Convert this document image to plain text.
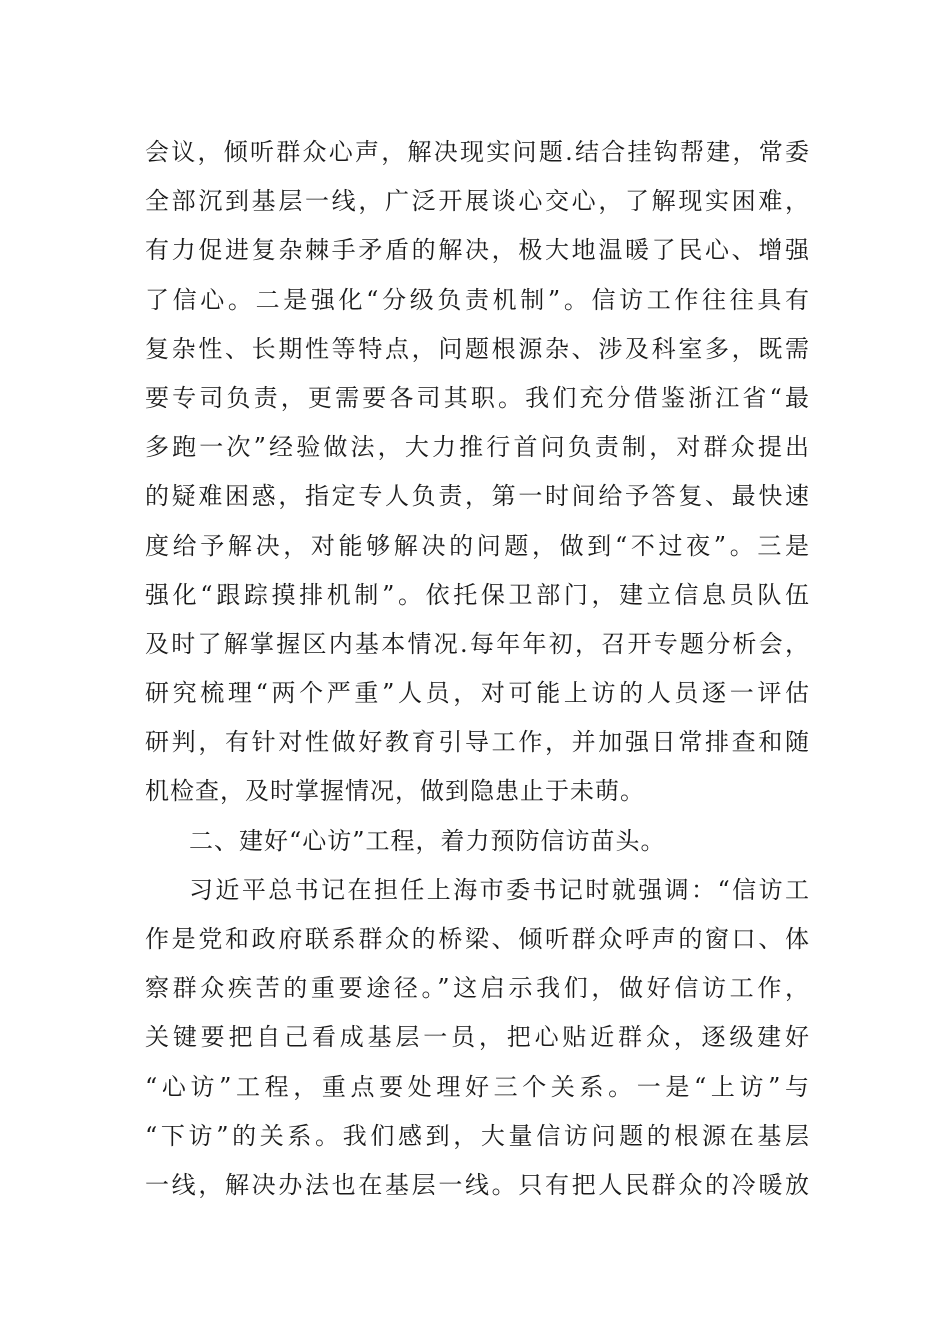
会议，倾听群众心声，解决现实问题.结合挂钩帮建，常委
全部沉到基层一线，广泛开展谈心交心，了解现实困难，
有力促进复杂棘手矛盾的解决，极大地温暖了民心、增强
了信心。二是强化“分级负责机制”。信访工作往往具有
复杂性、长期性等特点，问题根源杂、涉及科室多，既需
要专司负责，更需要各司其职。我们充分借鉴浙江省“最
多跑一次”经验做法，大力推行首问负责制，对群众提出
的疑难困惑，指定专人负责，第一时间给予答复、最快速
度给予解决，对能够解决的问题，做到“不过夜”。三是
强化“跟踪摸排机制”。依托保卫部门，建立信息员队伍
及时了解掌握区内基本情况.每年年初，召开专题分析会，
研究梳理“两个严重”人员，对可能上访的人员逐一评估
研判，有针对性做好教育引导工作，并加强日常排查和随
机检查，及时掌握情况，做到隐患止于未萌。
二、建好“心访”工程，着力预防信访苗头。
习近平总书记在担任上海市委书记时就强调：“信访工
作是党和政府联系群众的桥梁、倾听群众呼声的窗口、体
察群众疾苦的重要途径。”这启示我们，做好信访工作，
关键要把自己看成基层一员，把心贴近群众，逐级建好
“心访”工程，重点要处理好三个关系。一是“上访”与
“下访”的关系。我们感到，大量信访问题的根源在基层
一线，解决办法也在基层一线。只有把人民群众的冷暖放
